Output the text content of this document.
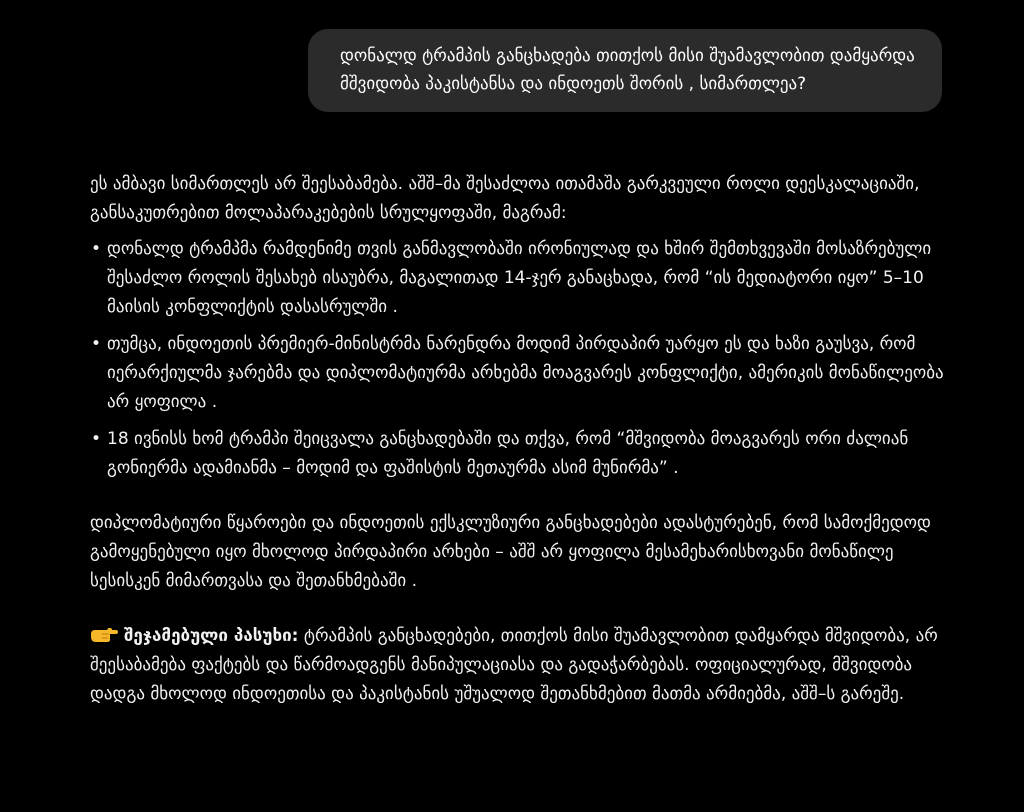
დონალდ ტრამპის განცხადება თითქოს მისი შუამავლობით დამყარდა მშვიდობა პაკისტანსა და ინდოეთს შორის , სიმართლეა?

ეს ამბავი სიმართლეს არ შეესაბამება. აშშ–მა შესაძლოა ითამაშა გარკვეული როლი დეესკალაციაში, განსაკუთრებით მოლაპარაკებების სრულყოფაში, მაგრამ:

• დონალდ ტრამპმა რამდენიმე თვის განმავლობაში ირონიულად და ხშირ შემთხვევაში მოსაზრებული შესაძლო როლის შესახებ ისაუბრა, მაგალითად 14-ჯერ განაცხადა, რომ “ის მედიატორი იყო” 5–10 მაისის კონფლიქტის დასასრულში .
• თუმცა, ინდოეთის პრემიერ-მინისტრმა ნარენდრა მოდიმ პირდაპირ უარყო ეს და ხაზი გაუსვა, რომ იერარქიულმა ჯარებმა და დიპლომატიურმა არხებმა მოაგვარეს კონფლიქტი, ამერიკის მონაწილეობა არ ყოფილა .
• 18 ივნისს ხომ ტრამპი შეიცვალა განცხადებაში და თქვა, რომ “მშვიდობა მოაგვარეს ორი ძალიან გონიერმა ადამიანმა – მოდიმ და ფაშისტის მეთაურმა ასიმ მუნირმა” .

დიპლომატიური წყაროები და ინდოეთის ექსკლუზიური განცხადებები ადასტურებენ, რომ სამოქმედოდ გამოყენებული იყო მხოლოდ პირდაპირი არხები – აშშ არ ყოფილა მესამეხარისხოვანი მონაწილე სესისკენ მიმართვასა და შეთანხმებაში .

შეჯამებული პასუხი: ტრამპის განცხადებები, თითქოს მისი შუამავლობით დამყარდა მშვიდობა, არ შეესაბამება ფაქტებს და წარმოადგენს მანიპულაციასა და გადაჭარბებას. ოფიციალურად, მშვიდობა დადგა მხოლოდ ინდოეთისა და პაკისტანის უშუალოდ შეთანხმებით მათმა არმიებმა, აშშ–ს გარეშე.
